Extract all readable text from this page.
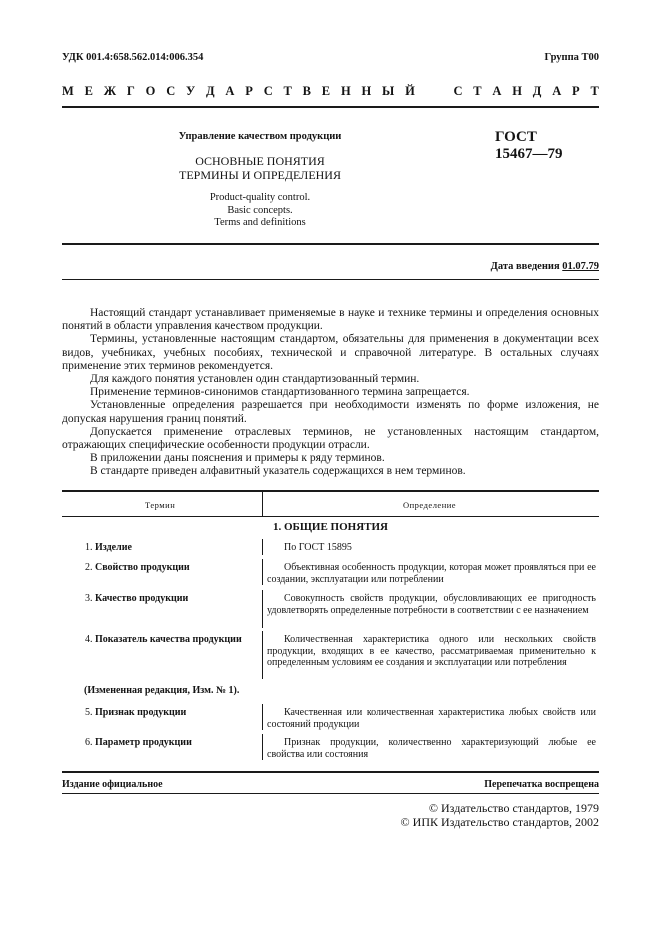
УДК 001.4:658.562.014:006.354	Группа Т00
М Е Ж Г О С У Д А Р С Т В Е Н Н Ы Й

	С Т А Н Д А Р Т
Управление качеством продукции	ГОСТ
15467—79
ОСНОВНЫЕ ПОНЯТИЯ
ТЕРМИНЫ И ОПРЕДЕЛЕНИЯ
Product-quality control.
Basic concepts.
Terms and definitions
Дата введения 01.07.79

Настоящий стандарт устанавливает применяемые в науке и технике термины и определения основных понятий в области управления качеством продукции.

Термины, установленные настоящим стандартом, обязательны для применения в документации всех видов, учебниках, учебных пособиях, технической и справочной литературе. В остальных случаях применение этих терминов рекомендуется.

Для каждого понятия установлен один стандартизованный термин.

Применение терминов-синонимов стандартизованного термина запрещается.

Установленные определения разрешается при необходимости изменять по форме изложения, не допуская нарушения границ понятий.

Допускается применение отраслевых терминов, не установленных настоящим стандартом, отражающих специфические особенности продукции отрасли.

В приложении даны пояснения и примеры к ряду терминов.

В стандарте приведен алфавитный указатель содержащихся в нем терминов.

Термин	Определение
1. ОБЩИЕ ПОНЯТИЯ
1. Изделие	По ГОСТ 15895

2. Свойство продукции	Объективная особенность продукции, которая может проявляться при ее создании, эксплуатации или потреблении

3. Качество продукции	Совокупность свойств продукции, обусловливающих ее пригодность удовлетворять определенные потребности в соответствии с ее назначением

4. Показатель качества продукции	Количественная характеристика одного или нескольких свойств продукции, входящих в ее качество, рассматриваемая применительно к определенным условиям ее создания и эксплуатации или потребления

(Измененная редакция, Изм. № 1).
5. Признак продукции	Качественная или количественная характеристика любых свойств или состояний продукции

6. Параметр продукции	Признак продукции, количественно характеризующий любые ее свойства или состояния

Издание официальное	Перепечатка воспрещена
© Издательство стандартов, 1979
© ИПК Издательство стандартов, 2002
